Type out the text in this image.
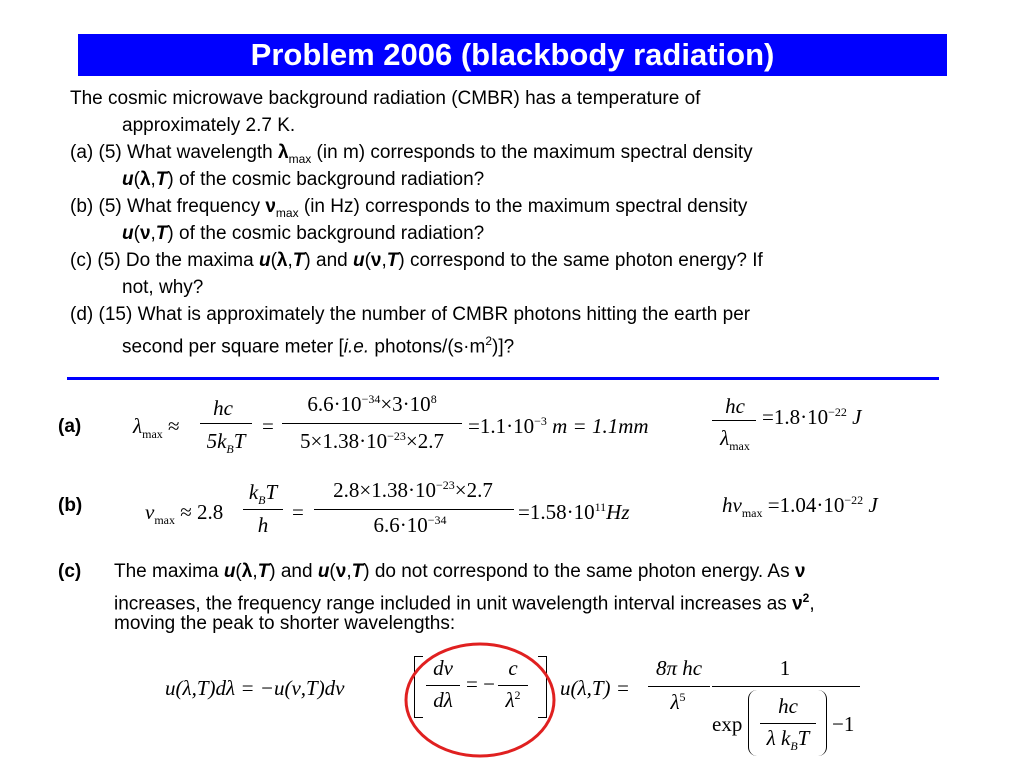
Problem 2006 (blackbody radiation)
The cosmic microwave background radiation (CMBR) has a temperature of
approximately 2.7 K.
(a) (5) What wavelength $\lambda_{max}$ (in m) corresponds to the maximum spectral density
u(λ,T) of the cosmic background radiation?
(b) (5) What frequency $\nu_{max}$ (in Hz) corresponds to the maximum spectral density
u(ν,T) of the cosmic background radiation?
(c) (5) Do the maxima u(λ,T) and u(ν,T) correspond to the same photon energy? If
not, why?
(d) (15) What is approximately the number of CMBR photons hitting the earth per
second per square meter [i.e. photons/$(s\cdot m^2)$]?
(a) $\lambda_{max}$ ≈
hc
$5k_BT$
=
$6.6\cdot 10^{-34}\times 3\cdot 10^8$
$5\times 1.38\cdot 10^{-23}\times 2.7$
$=1.1\cdot 10^{-3}$ m = 1.1mm
hc
$\lambda_{max}$
$=1.8\cdot 10^{-22}$ J
(b)	$\nu_{max} \approx 2.8$
$k_BT$
h
=
$2.8\times 1.38\cdot 10^{-23}\times 2.7$
$6.6\cdot 10^{-34}$	$=1.58\cdot 10^{11}Hz$	$h\nu_{max} =1.04\cdot 10^{-22}$ J
(c) The maxima u(λ,T) and u(ν,T) do not correspond to the same photon energy. As ν
increases, the frequency range included in unit wavelength interval increases as $\nu^2$,
moving the peak to shorter wavelengths:
u(λ,T)dλ = −u(ν,T)dν
dν
dλ
= −
c
$\lambda^2$	u(λ,T) =
8π hc
$\lambda^5$
1
exp
hc
λ $k_BT$
−1
